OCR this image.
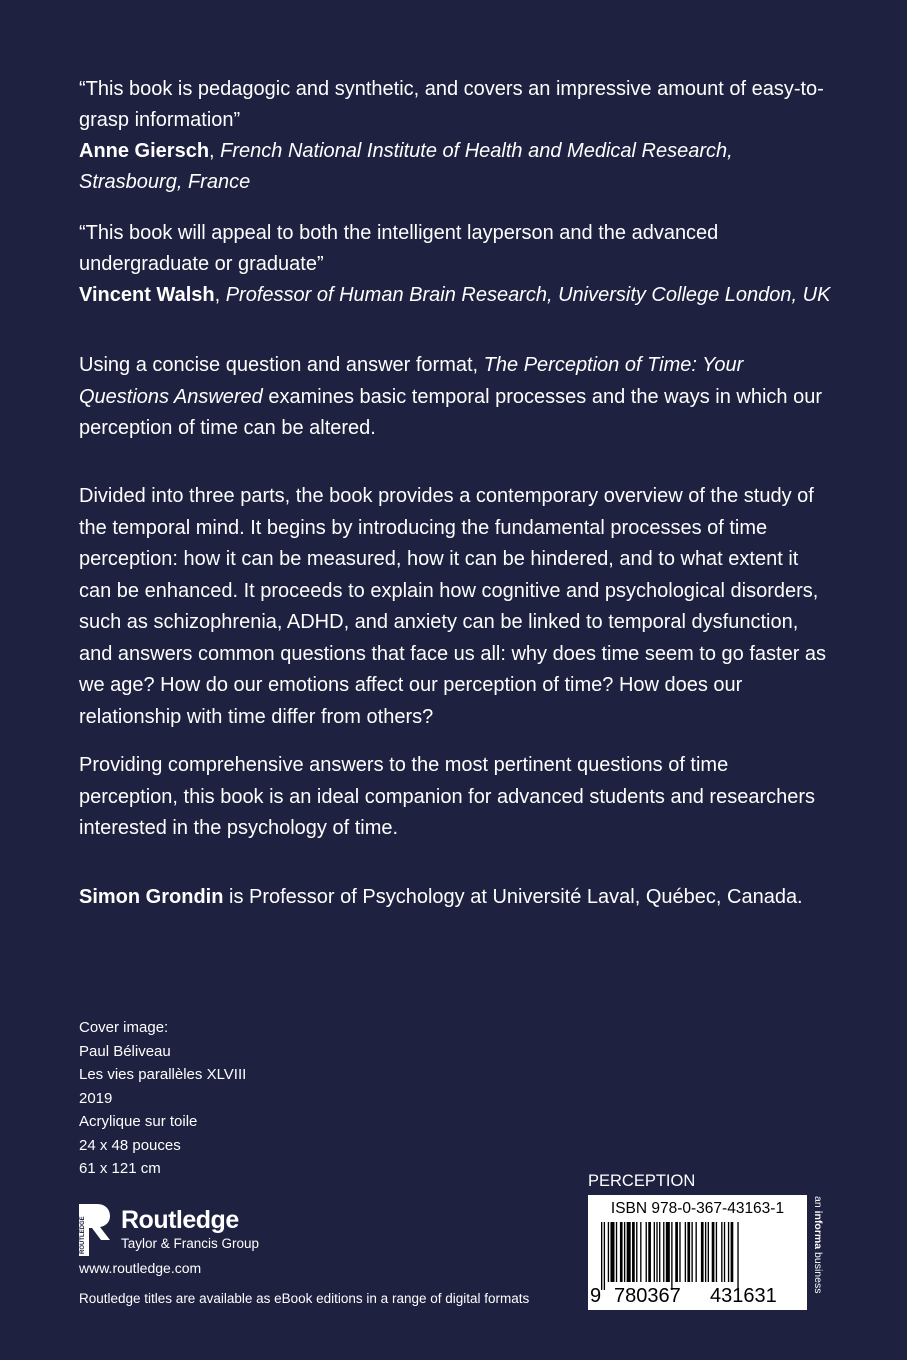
“This book is pedagogic and synthetic, and covers an impressive amount of easy-to-grasp information”

Anne Giersch, French National Institute of Health and Medical Research, Strasbourg, France

“This book will appeal to both the intelligent layperson and the advanced undergraduate or graduate”

Vincent Walsh, Professor of Human Brain Research, University College London, UK

Using a concise question and answer format, The Perception of Time: Your Questions Answered examines basic temporal processes and the ways in which our perception of time can be altered.

Divided into three parts, the book provides a contemporary overview of the study of the temporal mind. It begins by introducing the fundamental processes of time perception: how it can be measured, how it can be hindered, and to what extent it can be enhanced. It proceeds to explain how cognitive and psychological disorders, such as schizophrenia, ADHD, and anxiety can be linked to temporal dysfunction, and answers common questions that face us all: why does time seem to go faster as we age? How do our emotions affect our perception of time? How does our relationship with time differ from others?

Providing comprehensive answers to the most pertinent questions of time perception, this book is an ideal companion for advanced students and researchers interested in the psychology of time.

Simon Grondin is Professor of Psychology at Université Laval, Québec, Canada.

Cover image:
Paul Béliveau
Les vies parallèles XLVIII
2019
Acrylique sur toile
24 x 48 pouces
61 x 121 cm
ROUTLEDGE Routledge
Taylor & Francis Group
www.routledge.com
Routledge titles are available as eBook editions in a range of digital formats
PERCEPTION
ISBN 978-0-367-43163-1
9 780367 431631
an informa business
